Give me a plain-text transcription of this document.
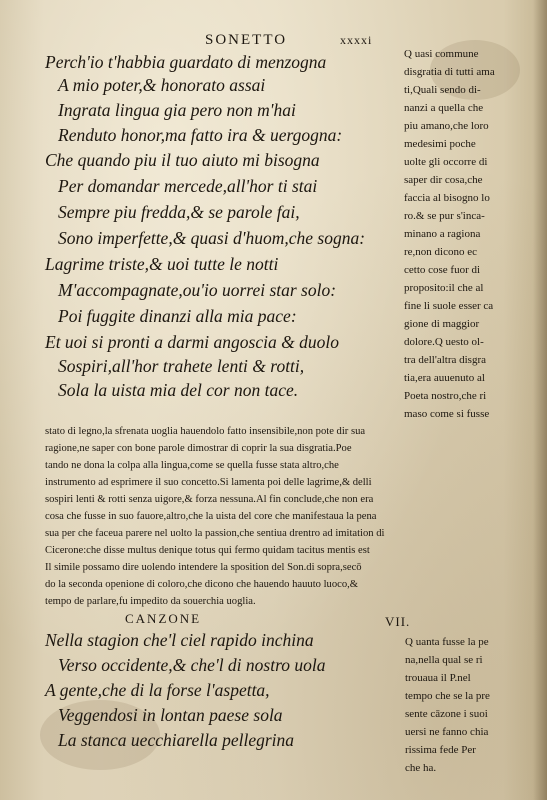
SONETTO	xxxxi
Perch'io t'habbia guardato di menzogna
A mio poter,& honorato assai
Ingrata lingua gia pero non m'hai
Renduto honor,ma fatto ira & uergogna:
Che quando piu il tuo aiuto mi bisogna
Per domandar mercede,all'hor ti stai
Sempre piu fredda,& se parole fai,
Sono imperfette,& quasi d'huom,che sogna:
Lagrime triste,& uoi tutte le notti
M'accompagnate,ou'io uorrei star solo:
Poi fuggite dinanzi alla mia pace:
Et uoi si pronti a darmi angoscia & duolo
Sospiri,all'hor trahete lenti & rotti,
Sola la uista mia del cor non tace.
Q uasi commune
disgratia di tutti ama
ti,Quali sendo di-
nanzi a quella che
piu amano,che loro
medesimi poche
uolte gli occorre di
saper dir cosa,che
faccia al bisogno lo
ro.& se pur s'inca-
minano a ragiona
re,non dicono ec
cetto cose fuor di
proposito:il che al
fine li suole esser ca
gione di maggior
dolore.Q uesto ol-
tra dell'altra disgra
tia,era auuenuto al
Poeta nostro,che ri
maso come si fusse
stato di legno,la sfrenata uoglia hauendolo fatto insensibile,non pote dir sua
ragione,ne saper con bone parole dimostrar di coprir la sua disgratia.Poe
tando ne dona la colpa alla lingua,come se quella fusse stata altro,che
instrumento ad esprimere il suo concetto.Si lamenta poi delle lagrime,& delli
sospiri lenti & rotti senza uigore,& forza nessuna.Al fin conclude,che non era
cosa che fusse in suo fauore,altro,che la uista del core che manifestaua la pena
sua per che faceua parere nel uolto la passion,che sentiua drentro ad imitation di
Cicerone:che disse multus denique totus qui fermo quidam tacitus mentis est
Il simile possamo dire uolendo intendere la sposition del Son.di sopra,secō
do la seconda openione di coloro,che dicono che hauendo hauuto luoco,&
tempo de parlare,fu impedito da souerchia uoglia.
CANZONE	VII.
Nella stagion che'l ciel rapido inchina
Verso occidente,& che'l di nostro uola
A gente,che di la forse l'aspetta,
Veggendosi in lontan paese sola
La stanca uecchiarella pellegrina
Q uanta fusse la pe
na,nella qual se ri
trouaua il P.nel
tempo che se la pre
sente cāzone i suoi
uersi ne fanno chia
rissima fede Per
che ha.
